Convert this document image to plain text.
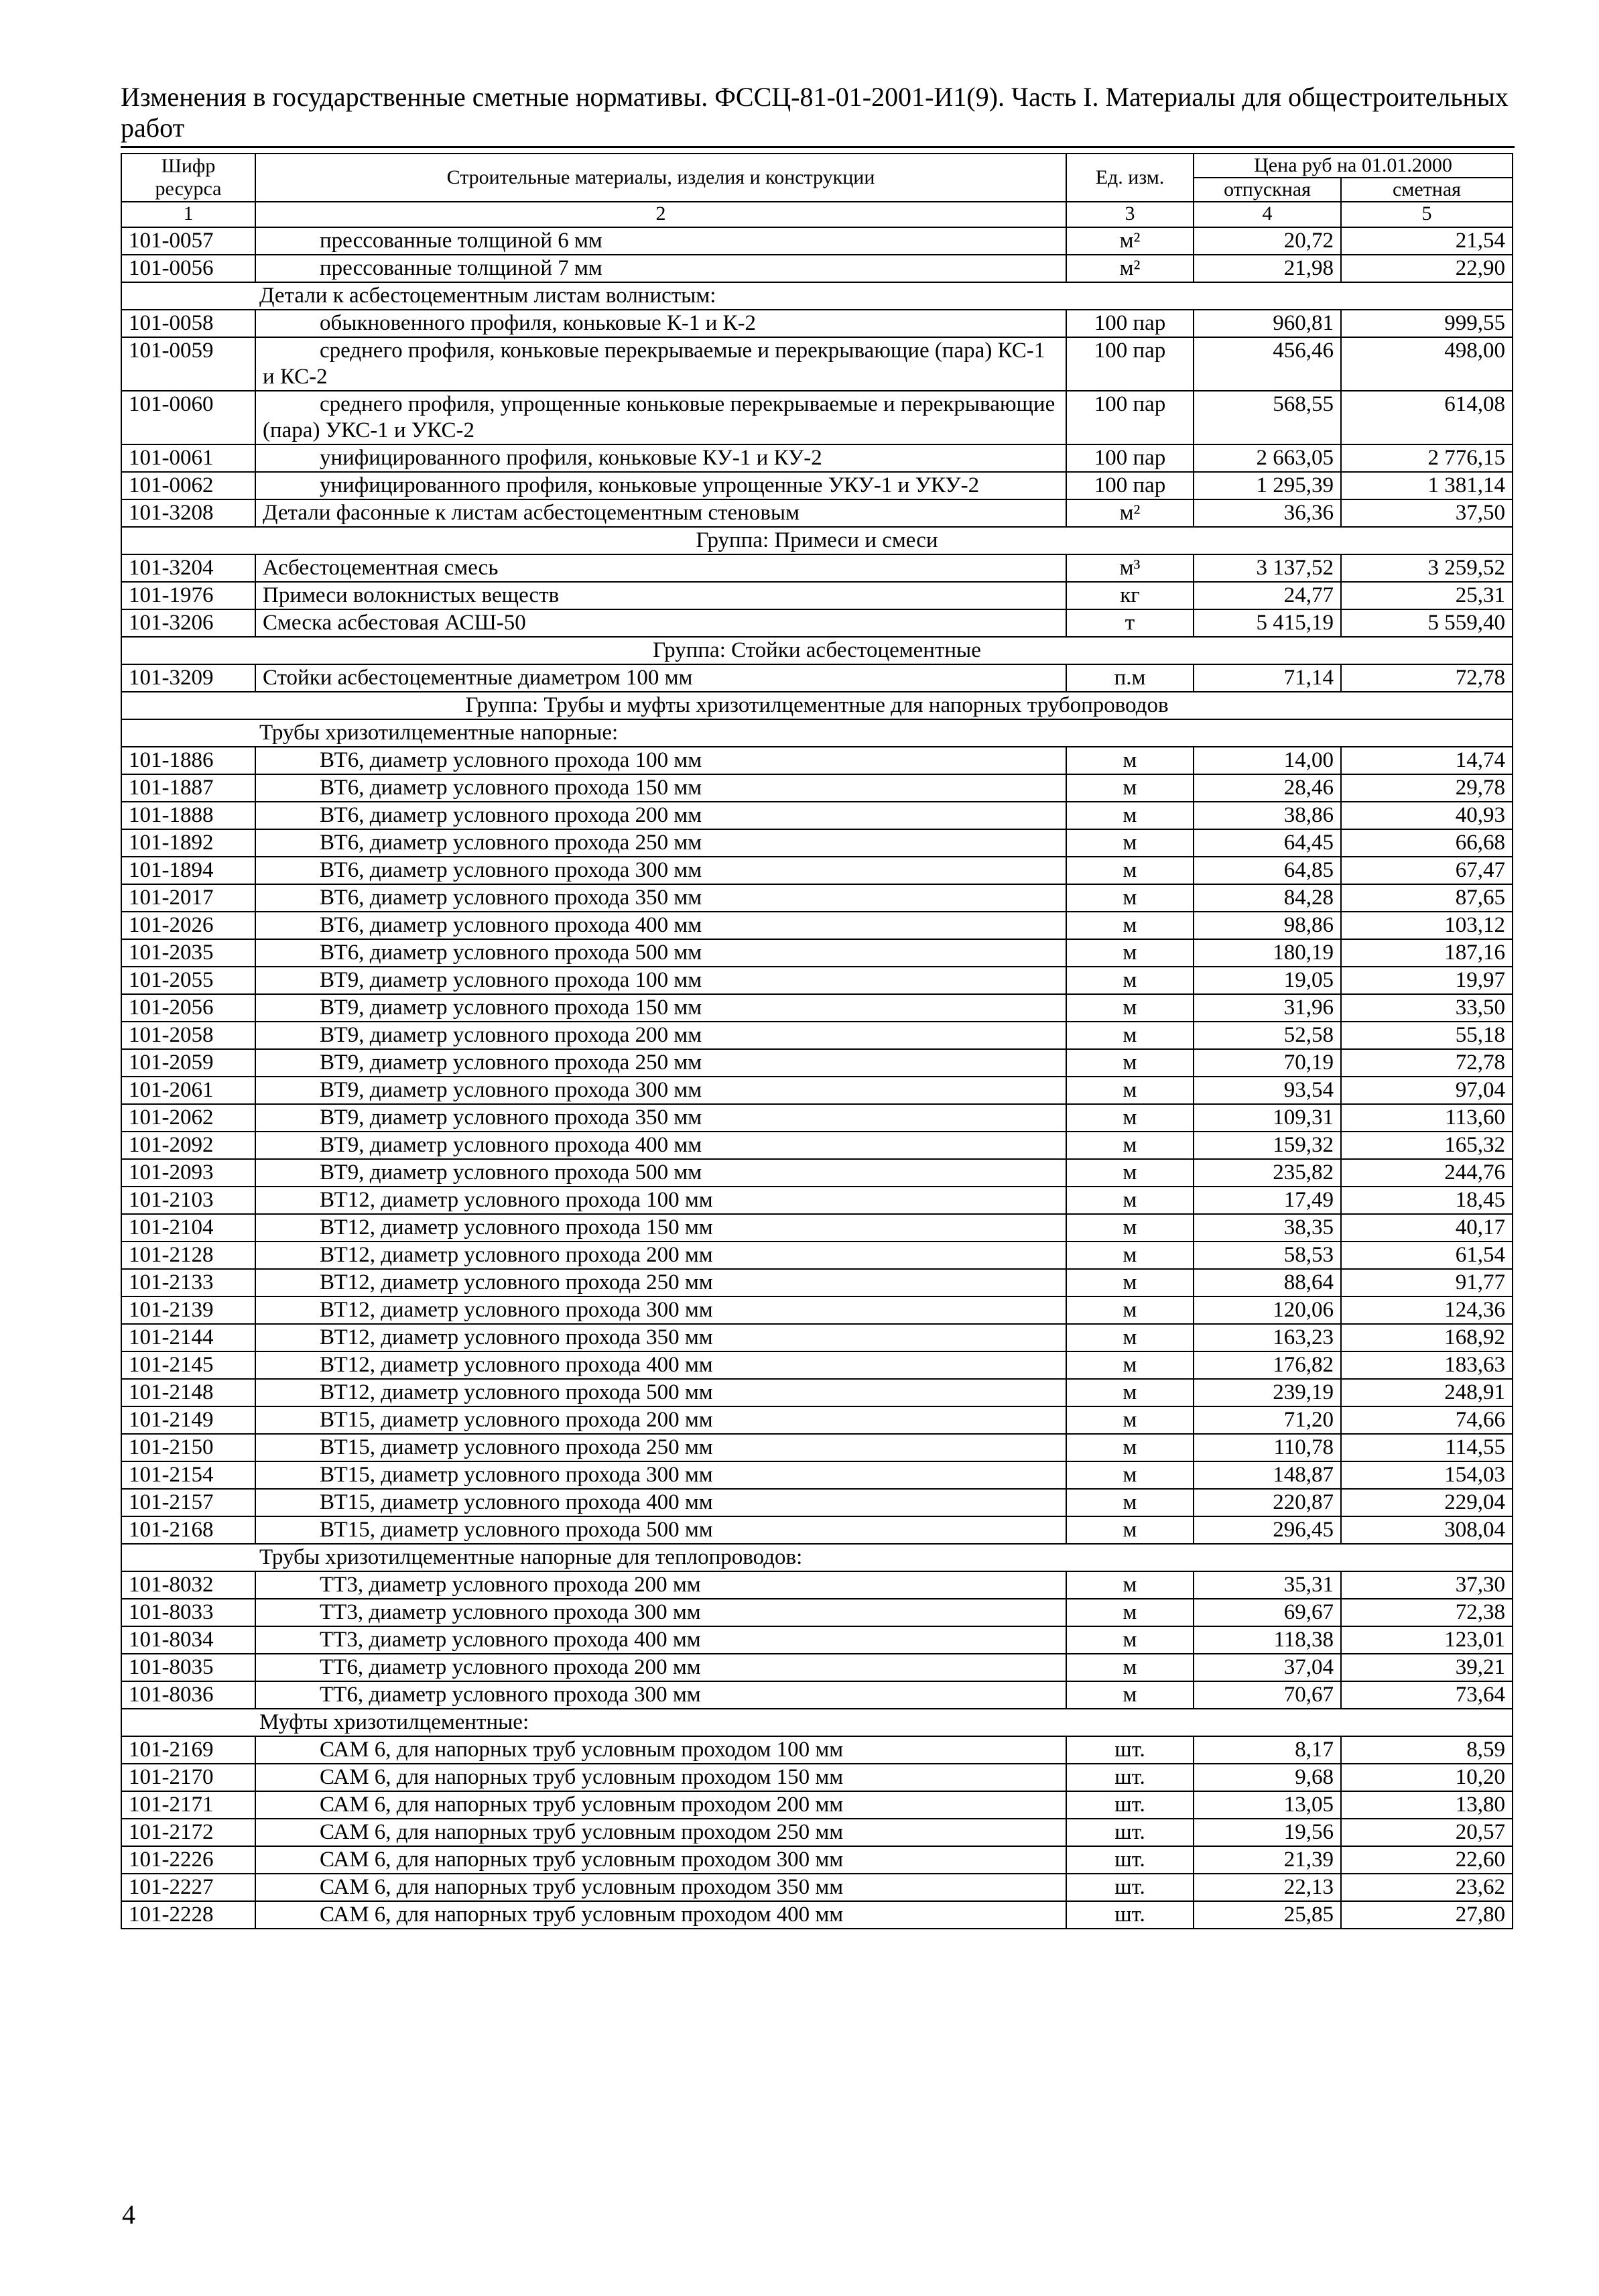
Изменения в государственные сметные нормативы. ФССЦ-81-01-2001-И1(9). Часть I. Материалы для общестроительных работ
Шифр ресурса	Строительные материалы, изделия и конструкции	Ед. изм.	Цена руб на 01.01.2000	
			отпускная	сметная
1	2	3	4	5
101-0057	прессованные толщиной 6 мм	м²	20,72	21,54
101-0056	прессованные толщиной 7 мм	м²	21,98	22,90
Детали к асбестоцементным листам волнистым:				
101-0058	обыкновенного профиля, коньковые К-1 и К-2	100 пар	960,81	999,55
101-0059	среднего профиля, коньковые перекрываемые и перекрывающие (пара) КС-1 и КС-2	100 пар	456,46	498,00
101-0060	среднего профиля, упрощенные коньковые перекрываемые и перекрывающие (пара) УКС-1 и УКС-2	100 пар	568,55	614,08
101-0061	унифицированного профиля, коньковые КУ-1 и КУ-2	100 пар	2 663,05	2 776,15
101-0062	унифицированного профиля, коньковые упрощенные УКУ-1 и УКУ-2	100 пар	1 295,39	1 381,14
101-3208	Детали фасонные к листам асбестоцементным стеновым	м²	36,36	37,50
Группа: Примеси и смеси				
101-3204	Асбестоцементная смесь	м³	3 137,52	3 259,52
101-1976	Примеси волокнистых веществ	кг	24,77	25,31
101-3206	Смеска асбестовая АСШ-50	т	5 415,19	5 559,40
Группа: Стойки асбестоцементные				
101-3209	Стойки асбестоцементные диаметром 100 мм	п.м	71,14	72,78
Группа: Трубы и муфты хризотилцементные для напорных трубопроводов				
Трубы хризотилцементные напорные:				
101-1886	ВТ6, диаметр условного прохода 100 мм	м	14,00	14,74
101-1887	ВТ6, диаметр условного прохода 150 мм	м	28,46	29,78
101-1888	ВТ6, диаметр условного прохода 200 мм	м	38,86	40,93
101-1892	ВТ6, диаметр условного прохода 250 мм	м	64,45	66,68
101-1894	ВТ6, диаметр условного прохода 300 мм	м	64,85	67,47
101-2017	ВТ6, диаметр условного прохода 350 мм	м	84,28	87,65
101-2026	ВТ6, диаметр условного прохода 400 мм	м	98,86	103,12
101-2035	ВТ6, диаметр условного прохода 500 мм	м	180,19	187,16
101-2055	ВТ9, диаметр условного прохода 100 мм	м	19,05	19,97
101-2056	ВТ9, диаметр условного прохода 150 мм	м	31,96	33,50
101-2058	ВТ9, диаметр условного прохода 200 мм	м	52,58	55,18
101-2059	ВТ9, диаметр условного прохода 250 мм	м	70,19	72,78
101-2061	ВТ9, диаметр условного прохода 300 мм	м	93,54	97,04
101-2062	ВТ9, диаметр условного прохода 350 мм	м	109,31	113,60
101-2092	ВТ9, диаметр условного прохода 400 мм	м	159,32	165,32
101-2093	ВТ9, диаметр условного прохода 500 мм	м	235,82	244,76
101-2103	ВТ12, диаметр условного прохода 100 мм	м	17,49	18,45
101-2104	ВТ12, диаметр условного прохода 150 мм	м	38,35	40,17
101-2128	ВТ12, диаметр условного прохода 200 мм	м	58,53	61,54
101-2133	ВТ12, диаметр условного прохода 250 мм	м	88,64	91,77
101-2139	ВТ12, диаметр условного прохода 300 мм	м	120,06	124,36
101-2144	ВТ12, диаметр условного прохода 350 мм	м	163,23	168,92
101-2145	ВТ12, диаметр условного прохода 400 мм	м	176,82	183,63
101-2148	ВТ12, диаметр условного прохода 500 мм	м	239,19	248,91
101-2149	ВТ15, диаметр условного прохода 200 мм	м	71,20	74,66
101-2150	ВТ15, диаметр условного прохода 250 мм	м	110,78	114,55
101-2154	ВТ15, диаметр условного прохода 300 мм	м	148,87	154,03
101-2157	ВТ15, диаметр условного прохода 400 мм	м	220,87	229,04
101-2168	ВТ15, диаметр условного прохода 500 мм	м	296,45	308,04
Трубы хризотилцементные напорные для теплопроводов:				
101-8032	ТТ3, диаметр условного прохода 200 мм	м	35,31	37,30
101-8033	ТТ3, диаметр условного прохода 300 мм	м	69,67	72,38
101-8034	ТТ3, диаметр условного прохода 400 мм	м	118,38	123,01
101-8035	ТТ6, диаметр условного прохода 200 мм	м	37,04	39,21
101-8036	ТТ6, диаметр условного прохода 300 мм	м	70,67	73,64
Муфты хризотилцементные:				
101-2169	САМ 6, для напорных труб условным проходом 100 мм	шт.	8,17	8,59
101-2170	САМ 6, для напорных труб условным проходом 150 мм	шт.	9,68	10,20
101-2171	САМ 6, для напорных труб условным проходом 200 мм	шт.	13,05	13,80
101-2172	САМ 6, для напорных труб условным проходом 250 мм	шт.	19,56	20,57
101-2226	САМ 6, для напорных труб условным проходом 300 мм	шт.	21,39	22,60
101-2227	САМ 6, для напорных труб условным проходом 350 мм	шт.	22,13	23,62
101-2228	САМ 6, для напорных труб условным проходом 400 мм	шт.	25,85	27,80
4
